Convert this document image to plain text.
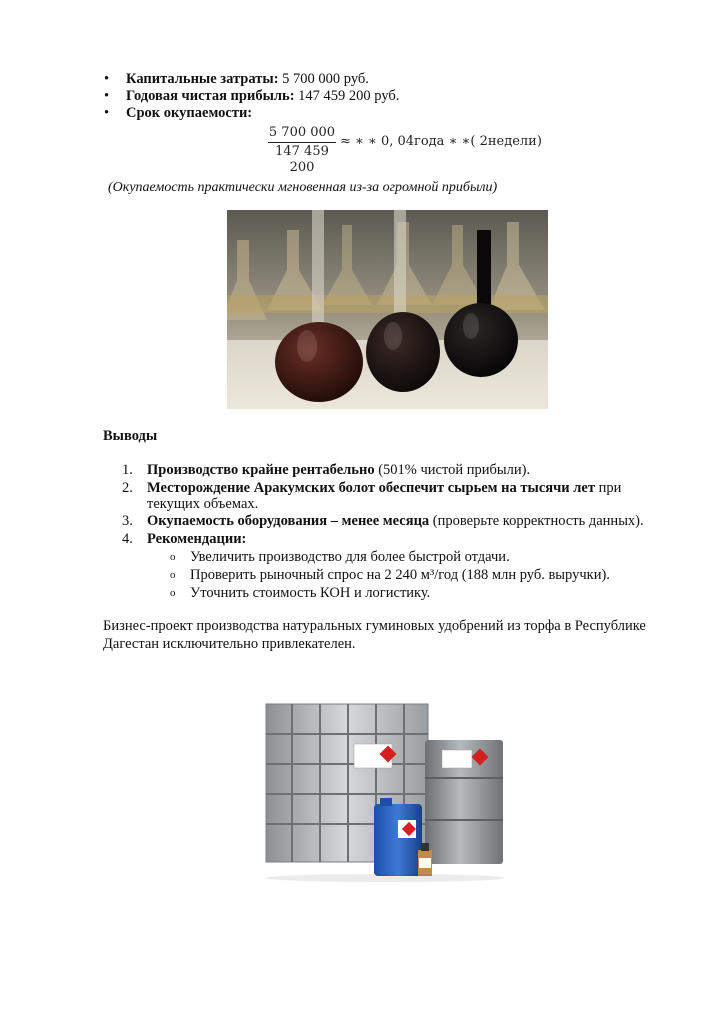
• Капитальные затраты: 5 700 000 руб.
• Годовая чистая прибыль: 147 459 200 руб.
• Срок окупаемости:
5 700 000
147 459 200
≈ ∗ ∗ 0, 04года ∗ ∗( 2недели)
(Окупаемость практически мгновенная из-за огромной прибыли)
Выводы
1. Производство крайне рентабельно (501% чистой прибыли).
2. Месторождение Аракумских болот обеспечит сырьем на тысячи лет при текущих объемах.
3. Окупаемость оборудования – менее месяца (проверьте корректность данных).
4. Рекомендации:
o Увеличить производство для более быстрой отдачи.
o Проверить рыночный спрос на 2 240 м³/год (188 млн руб. выручки).
o Уточнить стоимость КОН и логистику.
Бизнес-проект производства натуральных гуминовых удобрений из торфа в Республике Дагестан исключительно привлекателен.
